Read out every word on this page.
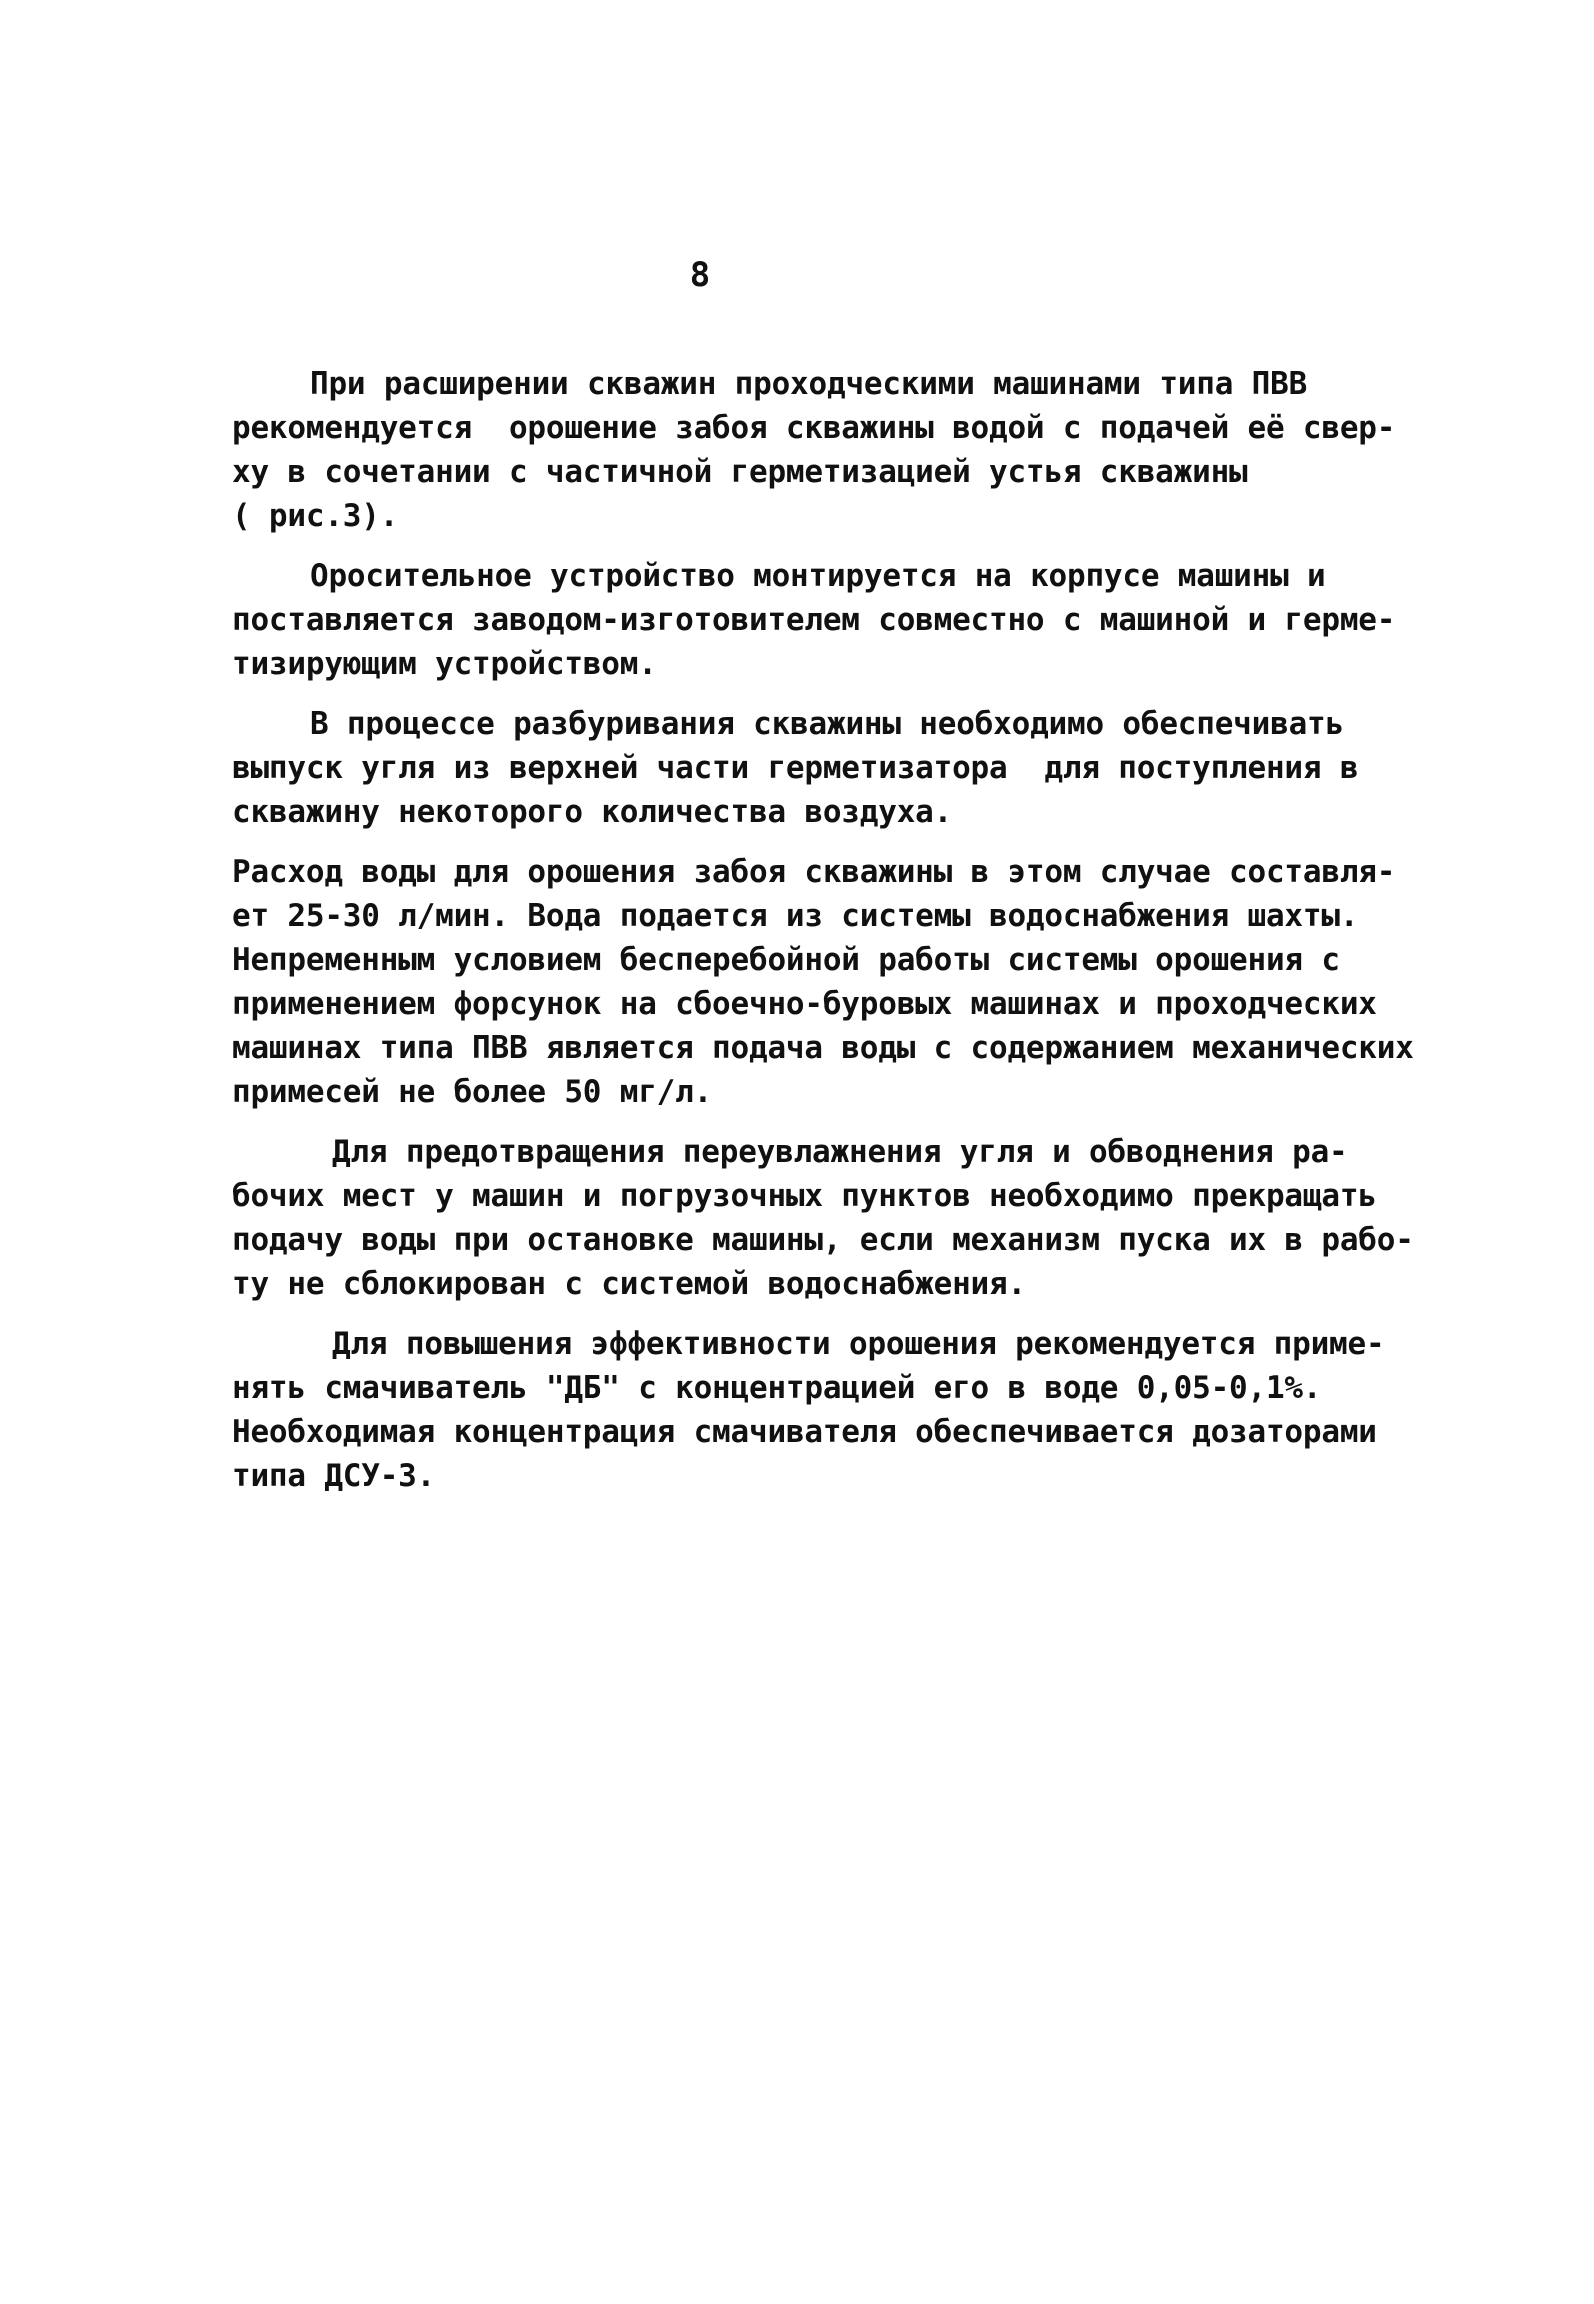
8
При расширении скважин проходческими машинами типа ПВВ
рекомендуется  орошение забоя скважины водой с подачей её свер-
ху в сочетании с частичной герметизацией устья скважины
( рис.3).
Оросительное устройство монтируется на корпусе машины и
поставляется заводом-изготовителем совместно с машиной и герме-
тизирующим устройством.
В процессе разбуривания скважины необходимо обеспечивать
выпуск угля из верхней части герметизатора  для поступления в
скважину некоторого количества воздуха.
Расход воды для орошения забоя скважины в этом случае составля-
ет 25-30 л/мин. Вода подается из системы водоснабжения шахты.
Непременным условием бесперебойной работы системы орошения с
применением форсунок на сбоечно-буровых машинах и проходческих
машинах типа ПВВ является подача воды с содержанием механических
примесей не более 50 мг/л.
Для предотвращения переувлажнения угля и обводнения ра-
бочих мест у машин и погрузочных пунктов необходимо прекращать
подачу воды при остановке машины, если механизм пуска их в рабо-
ту не сблокирован с системой водоснабжения.
Для повышения эффективности орошения рекомендуется приме-
нять смачиватель "ДБ" с концентрацией его в воде 0,05-0,1%.
Необходимая концентрация смачивателя обеспечивается дозаторами
типа ДСУ-3.
